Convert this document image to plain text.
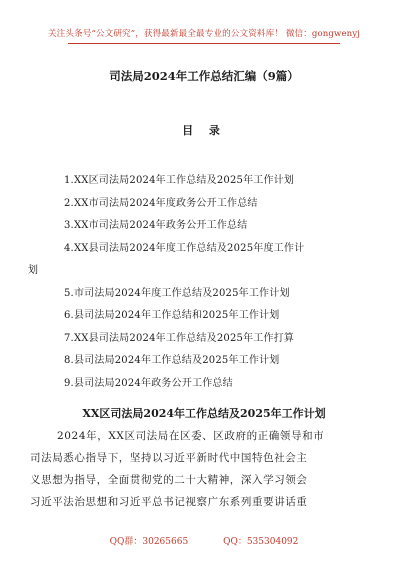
关注头条号“公文研究”，获得最新最全最专业的公文资料库！ 微信：gongwenyj
司法局2024年工作总结汇编（9篇）
目 录
1.XX区司法局2024年工作总结及2025年工作计划
2.XX市司法局2024年度政务公开工作总结
3.XX市司法局2024年政务公开工作总结
4.XX县司法局2024年度工作总结及2025年度工作计
划
5.市司法局2024年度工作总结及2025年工作计划
6.县司法局2024年工作总结和2025年工作计划
7.XX县司法局2024年工作总结及2025年工作打算
8.县司法局2024年工作总结及2025年工作计划
9.县司法局2024年政务公开工作总结
XX区司法局2024年工作总结及2025年工作计划
2024年，XX区司法局在区委、区政府的正确领导和市
司法局悉心指导下，坚持以习近平新时代中国特色社会主
义思想为指导，全面贯彻党的二十大精神，深入学习领会
习近平法治思想和习近平总书记视察广东系列重要讲话重
QQ群：30265665	QQ：535304092
